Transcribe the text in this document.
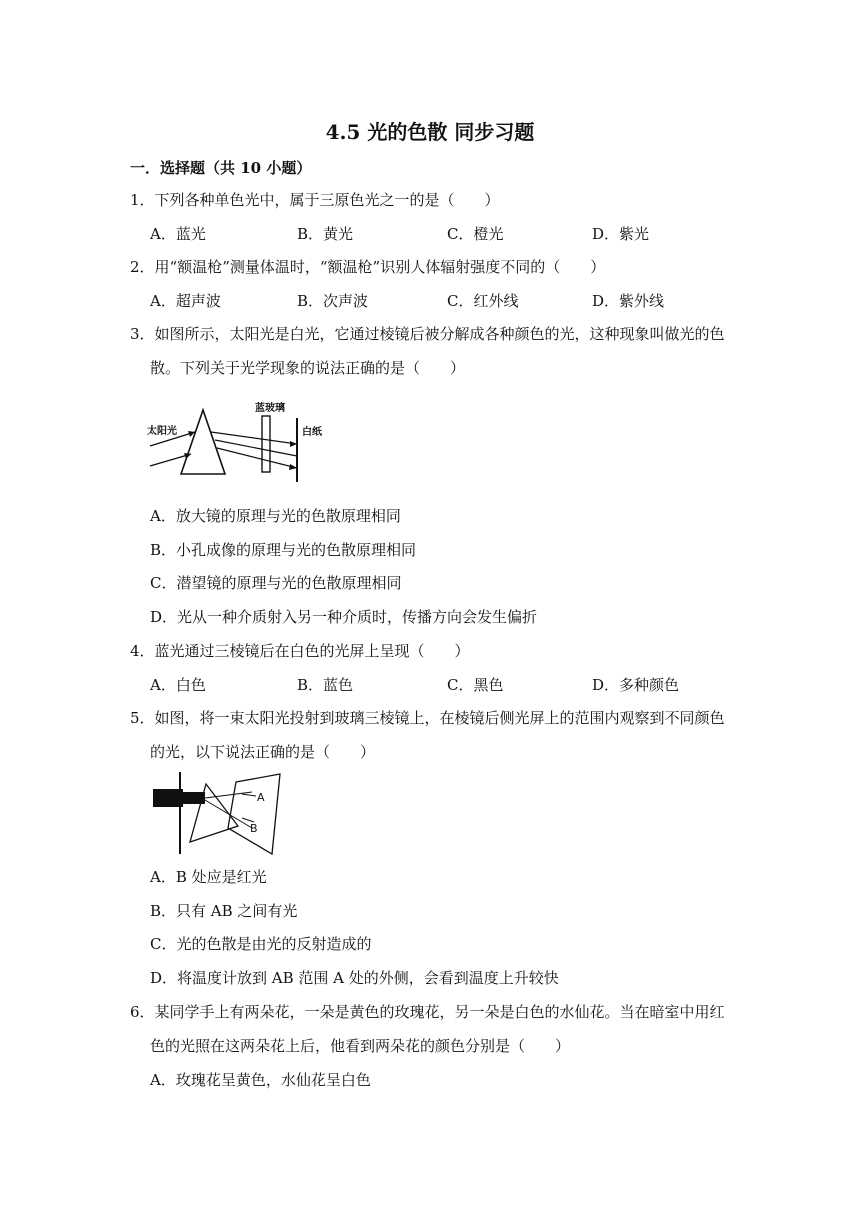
4.5 光的色散 同步习题
一．选择题（共 10 小题）
1．下列各种单色光中，属于三原色光之一的是（　　）
A．蓝光	B．黄光	C．橙光	D．紫光
2．用“额温枪”测量体温时，“额温枪”识别人体辐射强度不同的（　　）
A．超声波	B．次声波	C．红外线	D．紫外线
3．如图所示，太阳光是白光，它通过棱镜后被分解成各种颜色的光，这种现象叫做光的色
散。下列关于光学现象的说法正确的是（　　）
太阳光
蓝玻璃
白纸
A．放大镜的原理与光的色散原理相同
B．小孔成像的原理与光的色散原理相同
C．潜望镜的原理与光的色散原理相同
D．光从一种介质射入另一种介质时，传播方向会发生偏折
4．蓝光通过三棱镜后在白色的光屏上呈现（　　）
A．白色	B．蓝色	C．黑色	D．多种颜色
5．如图，将一束太阳光投射到玻璃三棱镜上，在棱镜后侧光屏上的范围内观察到不同颜色
的光，以下说法正确的是（　　）
A
B
A．B 处应是红光
B．只有 AB 之间有光
C．光的色散是由光的反射造成的
D．将温度计放到 AB 范围 A 处的外侧，会看到温度上升较快
6．某同学手上有两朵花，一朵是黄色的玫瑰花，另一朵是白色的水仙花。当在暗室中用红
色的光照在这两朵花上后，他看到两朵花的颜色分别是（　　）
A．玫瑰花呈黄色，水仙花呈白色
